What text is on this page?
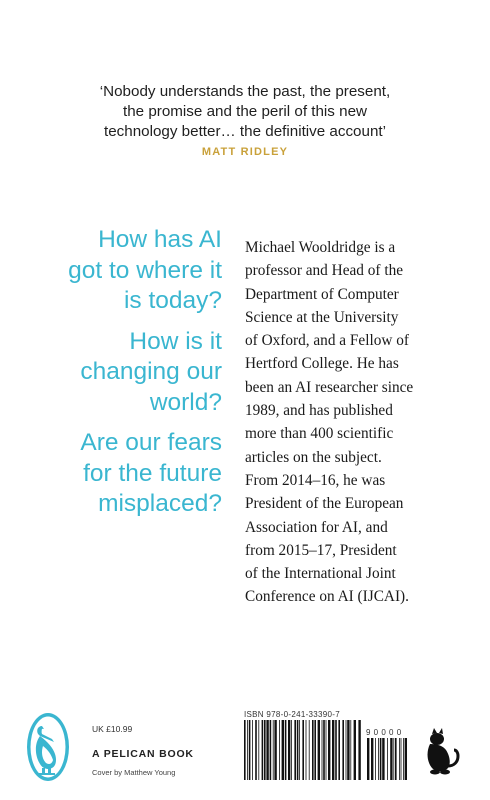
‘Nobody understands the past, the present,
the promise and the peril of this new
technology better… the definitive account’
MATT RIDLEY
How has AI
got to where it
is today?
How is it
changing our
world?
Are our fears
for the future
misplaced?
Michael Wooldridge is a
professor and Head of the
Department of Computer
Science at the University
of Oxford, and a Fellow of
Hertford College. He has
been an AI researcher since
1989, and has published
more than 400 scientific
articles on the subject.
From 2014–16, he was
President of the European
Association for AI, and
from 2015–17, President
of the International Joint
Conference on AI (IJCAI).
UK £10.99
A PELICAN BOOK
Cover by Matthew Young
ISBN 978-0-241-33390-7
9 0 0 0 0
